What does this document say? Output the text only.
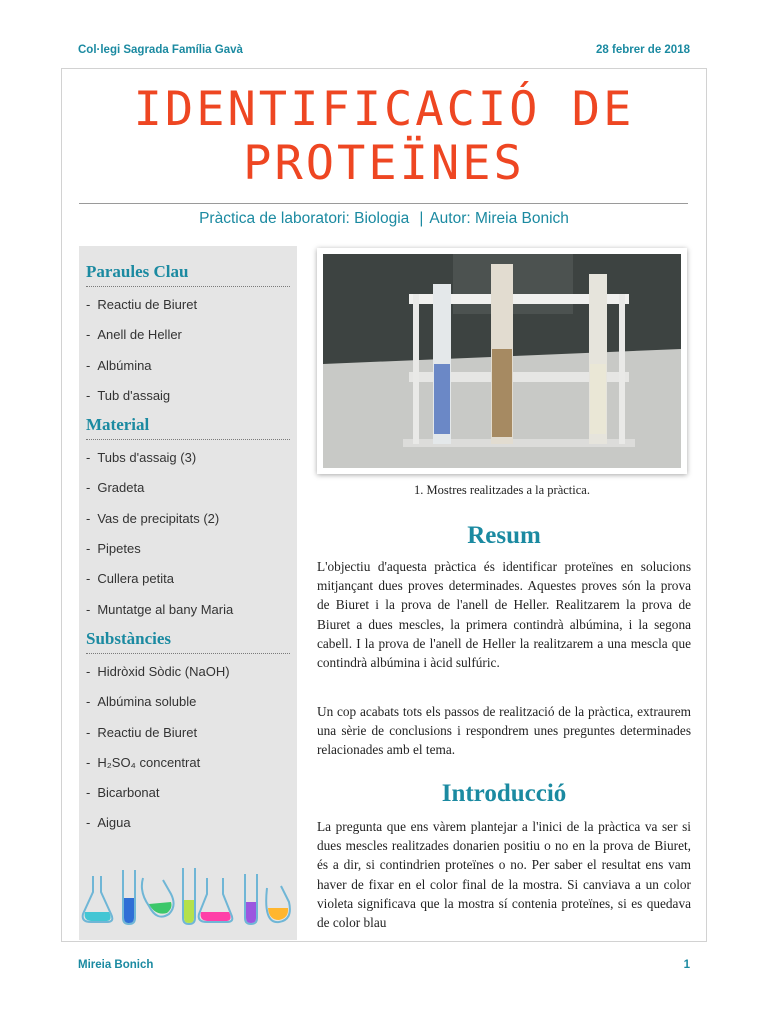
Col·legi Sagrada Família Gavà	28 febrer de 2018
IDENTIFICACIÓ DE PROTEÏNES
Pràctica de laboratori: Biologia | Autor: Mireia Bonich
Paraules Clau
- Reactiu de Biuret
- Anell de Heller
- Albúmina
- Tub d'assaig
Material
- Tubs d'assaig (3)
- Gradeta
- Vas de precipitats (2)
- Pipetes
- Cullera petita
- Muntatge al bany Maria
Substàncies
- Hidròxid Sòdic (NaOH)
- Albúmina soluble
- Reactiu de Biuret
- H₂SO₄ concentrat
- Bicarbonat
- Aigua
1. Mostres realitzades a la pràctica.
Resum
L'objectiu d'aquesta pràctica és identificar proteïnes en solucions mitjançant dues proves determinades. Aquestes proves són la prova de Biuret i la prova de l'anell de Heller. Realitzarem la prova de Biuret a dues mescles, la primera contindrà albúmina, i la segona cabell. I la prova de l'anell de Heller la realitzarem a una mescla que contindrà albúmina i àcid sulfúric.
Un cop acabats tots els passos de realització de la pràctica, extraurem una sèrie de conclusions i respondrem unes preguntes determinades relacionades amb el tema.
Introducció
La pregunta que ens vàrem plantejar a l'inici de la pràctica va ser si dues mescles realitzades donarien positiu o no en la prova de Biuret, és a dir, si contindrien proteïnes o no. Per saber el resultat ens vam haver de fixar en el color final de la mostra. Si canviava a un color violeta significava que la mostra sí contenia proteïnes, si es quedava de color blau
Mireia Bonich	1
